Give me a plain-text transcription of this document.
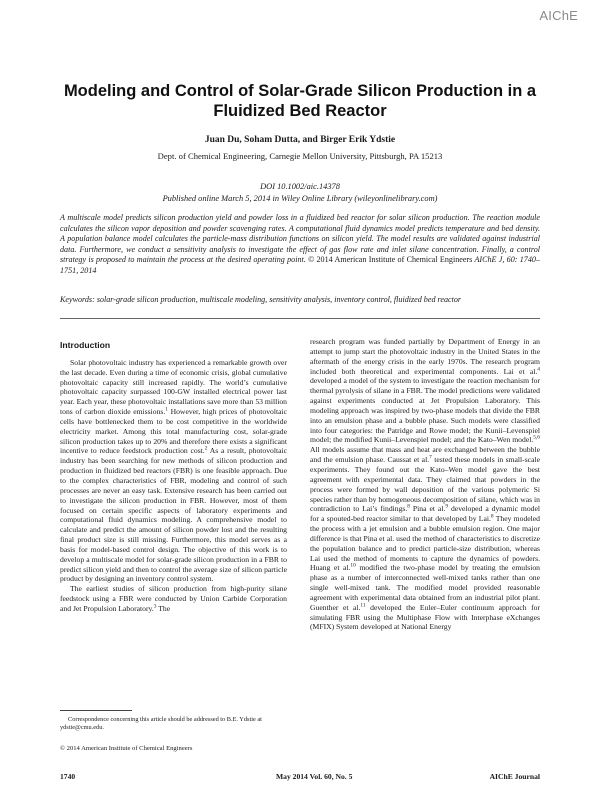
AIChE
Modeling and Control of Solar-Grade Silicon Production in a Fluidized Bed Reactor
Juan Du, Soham Dutta, and Birger Erik Ydstie
Dept. of Chemical Engineering, Carnegie Mellon University, Pittsburgh, PA 15213
DOI 10.1002/aic.14378
Published online March 5, 2014 in Wiley Online Library (wileyonlinelibrary.com)
A multiscale model predicts silicon production yield and powder loss in a fluidized bed reactor for solar silicon production. The reaction module calculates the silicon vapor deposition and powder scavenging rates. A computational fluid dynamics model predicts temperature and bed density. A population balance model calculates the particle-mass distribution functions on silicon yield. The model results are validated against industrial data. Furthermore, we conduct a sensitivity analysis to investigate the effect of gas flow rate and inlet silane concentration. Finally, a control strategy is proposed to maintain the process at the desired operating point. © 2014 American Institute of Chemical Engineers AIChE J, 60: 1740–1751, 2014
Keywords: solar-grade silicon production, multiscale modeling, sensitivity analysis, inventory control, fluidized bed reactor
Introduction

Solar photovoltaic industry has experienced a remarkable growth over the last decade. Even during a time of economic crisis, global cumulative photovoltaic capacity still increased rapidly. The world’s cumulative photovoltaic capacity surpassed 100-GW installed electrical power last year. Each year, these photovoltaic installations save more than 53 million tons of carbon dioxide emissions.$^1$ However, high prices of photovoltaic cells have bottlenecked them to be cost competitive in the worldwide electricity market. Among this total manufacturing cost, solar-grade silicon production takes up to 20% and therefore there exists a significant incentive to reduce feedstock production cost.$^2$ As a result, photovoltaic industry has been searching for new methods of silicon production and production in fluidized bed reactors (FBR) is one feasible approach. Due to the complex characteristics of FBR, modeling and control of such processes are never an easy task. Extensive research has been carried out to investigate the silicon production in FBR. However, most of them focused on certain specific aspects of laboratory experiments and computational fluid dynamics modeling. A comprehensive model to calculate and predict the amount of silicon powder lost and the resulting final product size is still missing. Furthermore, this model serves as a basis for model-based control design. The objective of this work is to develop a multiscale model for solar-grade silicon production in a FBR to predict silicon yield and then to control the average size of silicon particle product by designing an inventory control system.

The earliest studies of silicon production from high-purity silane feedstock using a FBR were conducted by Union Carbide Corporation and Jet Propulsion Laboratory.$^3$ The

research program was funded partially by Department of Energy in an attempt to jump start the photovoltaic industry in the United States in the aftermath of the energy crisis in the early 1970s. The research program included both theoretical and experimental components. Lai et al.$^4$ developed a model of the system to investigate the reaction mechanism for thermal pyrolysis of silane in a FBR. The model predictions were validated against experiments conducted at Jet Propulsion Laboratory. This modeling approach was inspired by two-phase models that divide the FBR into an emulsion phase and a bubble phase. Such models were classified into four categories: the Patridge and Rowe model; the Kunii–Levenspiel model; the modified Kunii–Levenspiel model; and the Kato–Wen model.$^{5,6}$ All models assume that mass and heat are exchanged between the bubble and the emulsion phase. Caussat et al.$^7$ tested these models in small-scale experiments. They found out the Kato–Wen model gave the best agreement with experimental data. They claimed that powders in the process were formed by wall deposition of the various polymeric Si species rather than by homogeneous decomposition of silane, which was in contradiction to Lai’s findings.$^8$ Pina et al.$^9$ developed a dynamic model for a spouted-bed reactor similar to that developed by Lai.$^8$ They modeled the process with a jet emulsion and a bubble emulsion region. One major difference is that Pina et al. used the method of characteristics to discretize the population balance and to predict particle-size distribution, whereas Lai used the method of moments to capture the dynamics of powders. Huang et al.$^{10}$ modified the two-phase model by treating the emulsion phase as a number of interconnected well-mixed tanks rather than one single well-mixed tank. The modified model provided reasonable agreement with experimental data obtained from an industrial pilot plant. Guenther et al.$^{11}$ developed the Euler–Euler continuum approach for simulating FBR using the Multiphase Flow with Interphase eXchanges (MFIX) System developed at National Energy

Correspondence concerning this article should be addressed to B.E. Ydstie at ydstie@cmu.edu.

© 2014 American Institute of Chemical Engineers
1740	May 2014 Vol. 60, No. 5	AIChE Journal
